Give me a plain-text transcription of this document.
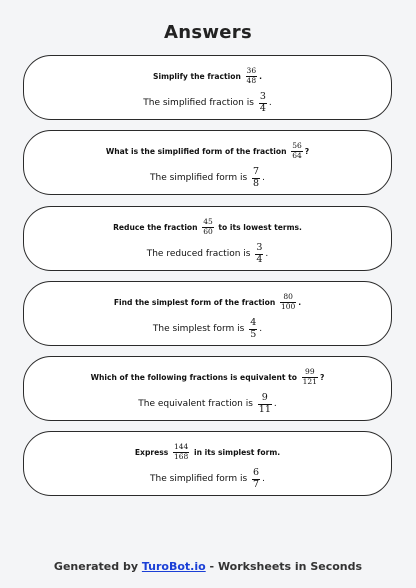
Answers
Simplify the fraction
$\frac{36}{48}$ .
The simplified fraction is
$\frac{3}{4}$ .
What is the simplified form of the fraction
$\frac{56}{64}$ ?
The simplified form is
$\frac{7}{8}$ .
Reduce the fraction
$\frac{45}{60}$
to its lowest terms.
The reduced fraction is
$\frac{3}{4}$ .
Find the simplest form of the fraction
$\frac{80}{100}$ .
The simplest form is
$\frac{4}{5}$ .
Which of the following fractions is equivalent to
$\frac{99}{121}$ ?
The equivalent fraction is
$\frac{9}{11}$ .
Express
$\frac{144}{168}$
in its simplest form.
The simplified form is
$\frac{6}{7}$ .
Generated by TuroBot.io - Worksheets in Seconds
